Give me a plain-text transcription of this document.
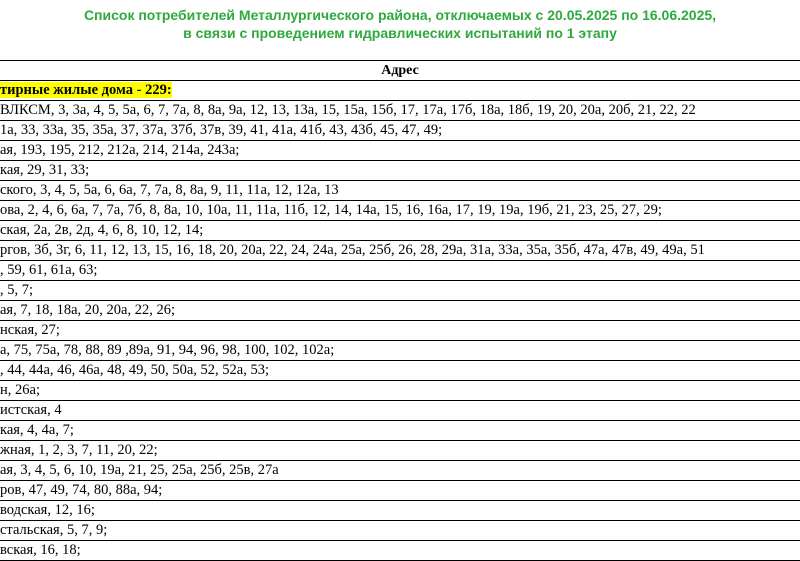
Список потребителей Металлургического района, отключаемых с 20.05.2025 по 16.06.2025,
в связи с проведением гидравлических испытаний по 1 этапу
Адрес
тирные жилые дома - 229:
ВЛКСМ, 3, 3а, 4, 5, 5а, 6, 7, 7а, 8, 8а, 9а, 12, 13, 13а, 15, 15а, 15б, 17, 17а, 17б, 18а, 18б, 19, 20, 20а, 20б, 21, 22, 22
1а, 33, 33а, 35, 35а, 37, 37а, 37б, 37в, 39, 41, 41а, 41б, 43, 43б, 45, 47, 49;
ая, 193, 195, 212, 212а, 214, 214а, 243а;
кая, 29, 31, 33;
ского, 3, 4, 5, 5а, 6, 6а, 7, 7а, 8, 8а, 9, 11, 11а, 12, 12а, 13
ова, 2, 4, 6, 6а, 7, 7а, 7б, 8, 8а, 10, 10а, 11, 11а, 11б, 12, 14, 14а, 15, 16, 16а, 17, 19, 19а, 19б, 21, 23, 25, 27, 29;
ская, 2а, 2в, 2д, 4, 6, 8, 10, 12, 14;
ргов, 3б, 3г, 6, 11, 12, 13, 15, 16, 18, 20, 20а, 22, 24, 24а, 25а, 25б, 26, 28, 29а, 31а, 33а, 35а, 35б, 47а, 47в, 49, 49а, 51
, 59, 61, 61а, 63;
, 5, 7;
ая, 7, 18, 18а, 20, 20а, 22, 26;
нская, 27;
а, 75, 75а, 78, 88, 89 ,89а, 91, 94, 96, 98, 100, 102, 102а;
, 44, 44а, 46, 46а, 48, 49, 50, 50а, 52, 52а, 53;
н, 26а;
истская, 4
кая, 4, 4а, 7;
жная, 1, 2, 3, 7, 11, 20, 22;
ая, 3, 4, 5, 6, 10, 19а, 21, 25, 25а, 25б, 25в, 27а
ров, 47, 49, 74, 80, 88а, 94;
водская, 12, 16;
стальская, 5, 7, 9;
вская, 16, 18;
